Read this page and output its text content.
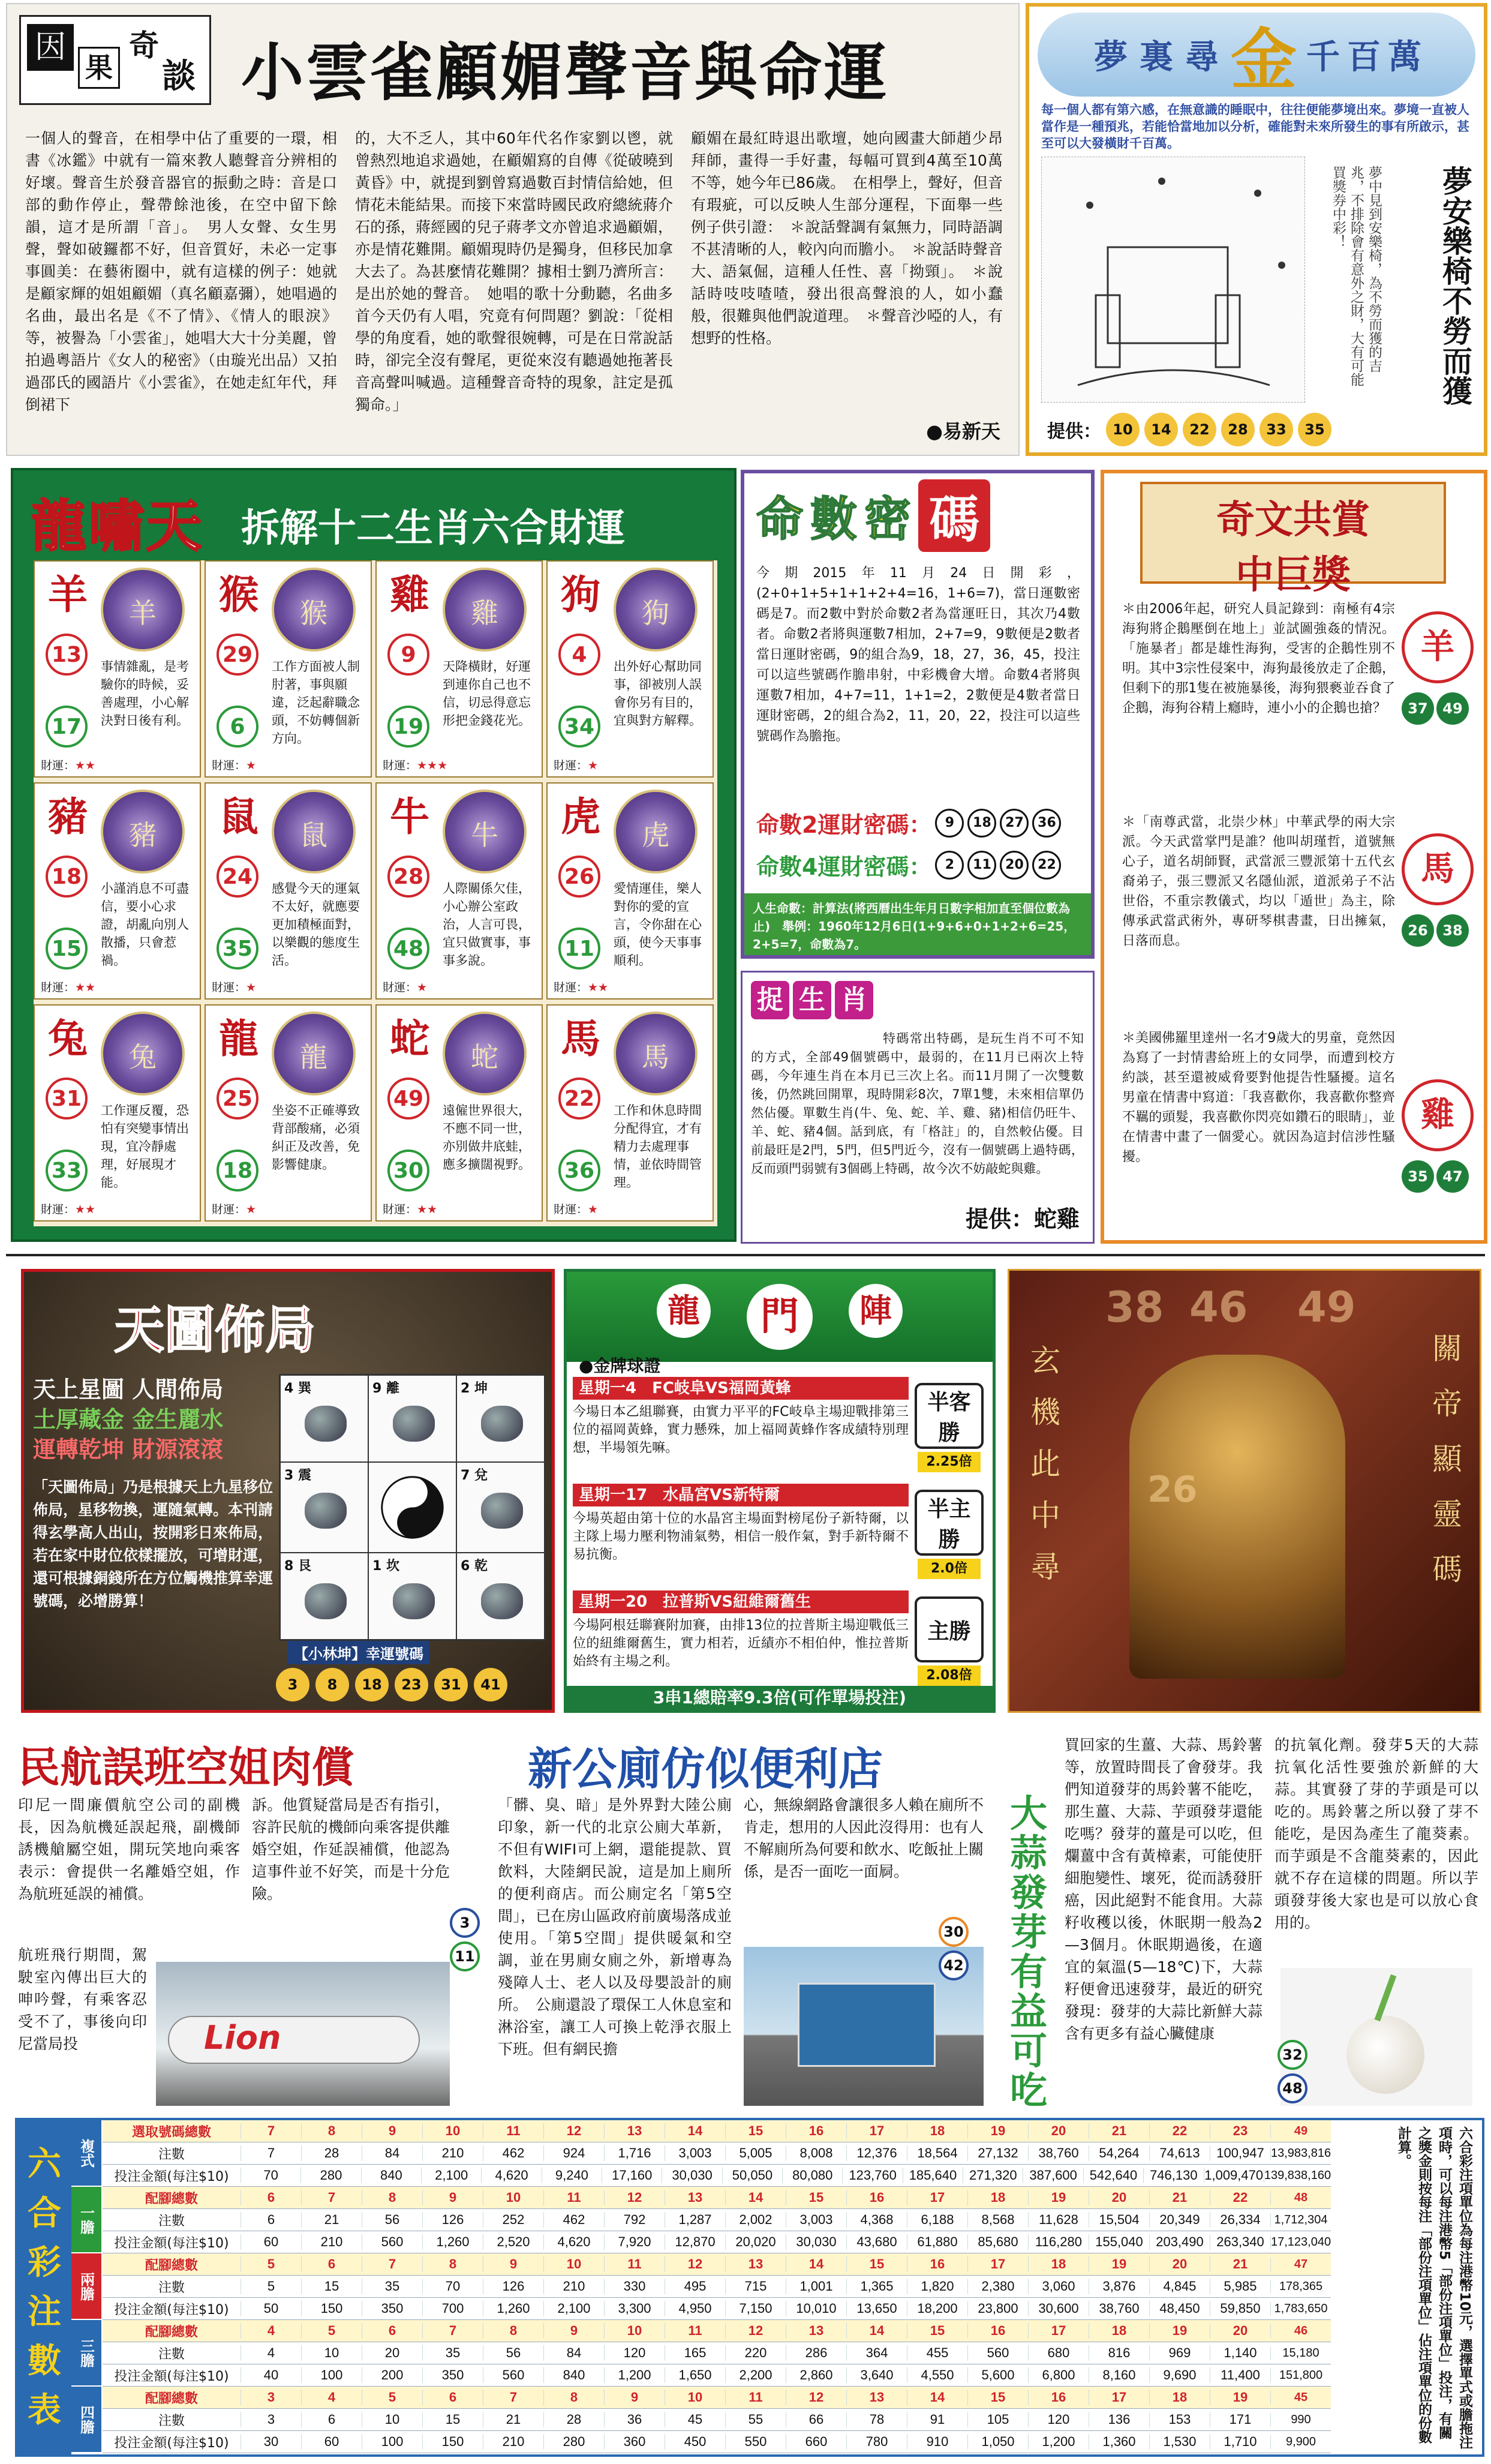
因
果
奇
談 小雲雀顧媚聲音與命運
一個人的聲音，在相學中佔了重要的一環，相書《冰鑑》中就有一篇來教人聽聲音分辨相的好壞。聲音生於發音器官的振動之時：音是口部的動作停止，聲帶餘池後，在空中留下餘韻，這才是所謂「音」。　男人女聲、女生男聲，聲如破鑼都不好，但音質好，未必一定事事圓美：在藝術圈中，就有這樣的例子：她就是顧家輝的姐姐顧媚（真名顧嘉彌），她唱過的名曲，最出名是《不了情》、《情人的眼淚》等，被譽為「小雲雀」，她唱大大十分美麗，曾拍過粵語片《女人的秘密》（由璇光出品）又拍過邵氏的國語片《小雲雀》，在她走紅年代，拜倒裙下
的，大不乏人，其中60年代名作家劉以鬯，就曾熱烈地追求過她，在顧媚寫的自傳《從破曉到黃昏》中，就提到劉曾寫過數百封情信給她，但情花未能結果。而接下來當時國民政府總統蔣介石的孫，蔣經國的兒子蔣孝文亦曾追求過顧媚，亦是情花難開。顧媚現時仍是獨身，但移民加拿大去了。為甚麼情花難開？據相士劉乃濟所言：是出於她的聲音。　她唱的歌十分動聽，名曲多首今天仍有人唱，究竟有何問題？劉說：「從相學的角度看，她的歌聲很婉轉，可是在日常說話時，卻完全沒有聲尾，更從來沒有聽過她拖著長音高聲叫喊過。這種聲音奇特的現象，註定是孤獨命。」
顧媚在最紅時退出歌壇，她向國畫大師趙少昂拜師，畫得一手好畫，每幅可買到4萬至10萬不等，她今年已86歲。　在相學上，聲好，但音有瑕疵，可以反映人生部分運程，下面舉一些例子供引證：　＊說話聲調有氣無力，同時語調不甚清晰的人，較內向而膽小。　＊說話時聲音大、語氣倔，這種人任性、喜「拗頸」。　＊說話時吱吱喳喳，發出很高聲浪的人，如小蠢般，很難與他們說道理。　＊聲音沙啞的人，有想野的性格。
●易新天
夢 裏 尋 金 千 百 萬
每一個人都有第六感，在無意識的睡眠中，往往便能夢境出來。夢境一直被人當作是一種預兆，若能恰當地加以分析，確能對未來所發生的事有所啟示，甚至可以大發橫財千百萬。
夢中見到安樂椅，為不勞而獲的吉兆，不排除會有意外之財，大有可能買獎券中彩！	夢安樂椅不勞而獲
提供： 10	14	22	28	33	35
龍嘯天 拆解十二生肖六合財運
羊	羊
13
17
事情雜亂，是考驗你的時候，妥善處理，小心解決對日後有利。
財運：★★
猴	猴
29
6
工作方面被人制肘著，事與願違，泛起辭職念頭，不妨轉個新方向。
財運：★
雞	雞
9
19
天降橫財，好運到連你自己也不信，切忌得意忘形把金錢花光。
財運：★★★
狗	狗
4
34
出外好心幫助同事，卻被別人誤會你另有目的，宜與對方解釋。
財運：★
豬	豬
18
15
小謹消息不可盡信，要小心求證，胡亂向別人散播，只會惹禍。
財運：★★
鼠	鼠
24
35
感覺今天的運氣不太好，就應要更加積極面對，以樂觀的態度生活。
財運：★
牛	牛
28
48
人際關係欠佳，小心辦公室政治，人言可畏，宜只做實事，事事多說。
財運：★
虎	虎
26
11
愛情運佳，樂人對你的愛的宣言，令你甜在心頭，使今天事事順利。
財運：★★
兔	兔
31
33
工作運反覆，恐怕有突變事情出現，宜冷靜處理，好展現才能。
財運：★★
龍	龍
25
18
坐姿不正確導致背部酸痛，必須糾正及改善，免影響健康。
財運：★
蛇	蛇
49
30
遠僱世界很大，不應不同一世，亦別做井底蛙，應多擴闊視野。
財運：★★
馬	馬
22
36
工作和休息時間分配得宜，才有精力去處理事情，並依時間管理。
財運：★
命 數 密 碼
今期2015年11月24日開彩，(2+0+1+5+1+1+2+4=16，1+6=7)，當日運數密碼是7。而2數中對於命數2者為當運旺日，其次乃4數者。命數2者將與運數7相加，2+7=9，9數便是2數者當日運財密碼，9的組合為9，18，27，36，45，投注可以這些號碼作膽串射，中彩機會大增。命數4者將與運數7相加，4+7=11，1+1=2，2數便是4數者當日運財密碼，2的組合為2，11，20，22，投注可以這些號碼作為膽拖。
命數2運財密碼：	9	18	27	36
命數4運財密碼：	2	11	20	22
人生命數：計算法(將西曆出生年月日數字相加直至個位數為止)　舉例：1960年12月6日(1+9+6+0+1+2+6=25，2+5=7，命數為7。
捉 生 肖
特碼常出特碼，是玩生肖不可不知的方式，全部49個號碼中，最弱的，在11月已兩次上特碼，今年連生肖在本月已三次上名。而11月開了一次雙數後，仍然跳回開單，現時開彩8次，7單1雙，未來相信單仍然佔優。單數生肖(牛、兔、蛇、羊、雞、豬)相信仍旺牛、羊、蛇、豬4個。話到底，有「格註」的，自然較佔優。目前最旺是2門，5門，但5門近今，沒有一個號碼上過特碼，反而頭門弱號有3個碼上特碼，故今次不妨敲蛇與雞。
提供：蛇雞
奇文共賞
中巨獎
＊由2006年起，研究人員記錄到：南極有4宗海狗將企鵝壓倒在地上」並試圖強姦的情況。「施暴者」都是雄性海狗，受害的企鵝性別不明。其中3宗性侵案中，海狗最後放走了企鵝，但剩下的那1隻在被施暴後，海狗猥褻並吞食了企鵝，海狗谷精上癮時，連小小的企鵝也搶？
羊
37	49
＊「南尊武當，北崇少林」中華武學的兩大宗派。今天武當掌門是誰？他叫胡瑾哲，道號無心子，道名胡師賢，武當派三豐派第十五代玄裔弟子，張三豐派又名隱仙派，道派弟子不沾世俗，不重宗教儀式，均以「遁世」為主，除傳承武當武術外，專研琴棋書畫，日出擁氣，日落而息。
馬
26	38
＊美國佛羅里達州一名才9歲大的男童，竟然因為寫了一封情書給班上的女同學，而遭到校方約談，甚至還被威脅要對他提告性騷擾。這名男童在情書中寫道：「我喜歡你，我喜歡你整齊不羈的頭髮，我喜歡你閃亮如鑽石的眼睛」，並在情書中畫了一個愛心。就因為這封信涉性騷擾。
雞
35	47
天圖佈局
天上星圖 人間佈局
土厚藏金 金生麗水
運轉乾坤 財源滾滾
「天圖佈局」乃是根據天上九星移位佈局，星移物換，運隨氣轉。本刊請得玄學高人出山，按開彩日來佈局，若在家中財位依樣擺放，可增財運，還可根據銅錢所在方位觸機推算幸運號碼，必增勝算！
4 巽	9 離	2 坤
3 震	7 兌
8 艮	1 坎	6 乾
【小林坤】幸運號碼
3	8	18	23	31	41
龍	門	陣
●金牌球證
星期一4　FC岐阜VS福岡黃蜂
今場日本乙組聯賽，由實力平平的FC岐阜主場迎戰排第三位的福岡黃蜂，實力懸殊，加上福岡黃蜂作客成績特別理想，半場領先嘛。
半客勝
2.25倍
星期一17　水晶宮VS新特爾
今場英超由第十位的水晶宮主場面對榜尾份子新特爾，以主隊上場力壓利物浦氣勢，相信一般作氣，對手新特爾不易抗衡。
半主勝
2.0倍
星期一20　拉普斯VS紐維爾舊生
今場阿根廷聯賽附加賽，由排13位的拉普斯主場迎戰低三位的紐維爾舊生，實力相若，近績亦不相伯仲，惟拉普斯始終有主場之利。
主勝
2.08倍
3串1總賠率9.3倍(可作單場投注)
玄
機
此
中
尋
38 46 49
26
關
帝
顯
靈
碼
民航誤班空姐肉償
印尼一間廉價航空公司的副機長，因為航機延誤起飛，副機師誘機艙屬空姐，開玩笑地向乘客表示：會提供一名離婚空姐，作為航班延誤的補償。
航班飛行期間，駕駛室內傳出巨大的呻吟聲，有乘客忍受不了，事後向印尼當局投
訴。他質疑當局是否有指引，容許民航的機師向乘客提供離婚空姐，作延誤補償，他認為這事件並不好笑，而是十分危險。
Lion
3
11
新公廁仿似便利店
「髒、臭、暗」是外界對大陸公廁印象，新一代的北京公廁大革新，不但有WIFI可上網，還能提款、買飲料，大陸網民說，這是加上廁所的便利商店。而公廁定名「第5空間」，已在房山區政府前廣場落成並使用。「第5空間」提供暖氣和空調，並在男廁女廁之外，新增專為殘障人士、老人以及母嬰設計的廁所。　公廁還設了環保工人休息室和淋浴室，讓工人可換上乾淨衣服上下班。但有網民擔
心，無線網路會讓很多人賴在廁所不肯走，想用的人因此沒得用：也有人不解廁所為何要和飲水、吃飯扯上關係，是否一面吃一面屙。
30
42
大
蒜
發
芽
有
益
可
吃
買回家的生薑、大蒜、馬鈴薯等，放置時間長了會發芽。我們知道發芽的馬鈴薯不能吃，那生薑、大蒜、芋頭發芽還能吃嗎？發芽的薑是可以吃，但爛薑中含有黃樟素，可能使肝細胞變性、壞死，從而誘發肝癌，因此絕對不能食用。大蒜籽收穫以後，休眠期一般為2—3個月。休眠期過後，在適宜的氣溫(5—18℃)下，大蒜籽便會迅速發芽，最近的研究發現：發芽的大蒜比新鮮大蒜含有更多有益心臟健康
的抗氧化劑。發芽5天的大蒜抗氧化活性要強於新鮮的大蒜。其實發了芽的芋頭是可以吃的。馬鈴薯之所以發了芽不能吃，是因為產生了龍葵素。而芋頭是不含龍葵素的，因此就不存在這樣的問題。所以芋頭發芽後大家也是可以放心食用的。
32
48
六
合
彩
注
數
表
複式
選取號碼總數	7	8	9	10	11	12	13	14	15	16	17	18	19	20	21	22	23	49
注數	7	28	84	210	462	924	1,716	3,003	5,005	8,008	12,376	18,564	27,132	38,760	54,264	74,613	100,947 13,983,816
投注金額(每注$10)	70	280	840	2,100	4,620	9,240	17,160	30,030	50,050	80,080	123,760 185,640 271,320 387,600 542,640 746,130 1,009,470 139,838,160
一膽
配腳總數	6	7	8	9	10	11	12	13	14	15	16	17	18	19	20	21	22	48
注數	6	21	56	126	252	462	792	1,287	2,002	3,003	4,368	6,188	8,568	11,628	15,504	20,349	26,334	1,712,304
投注金額(每注$10)	60	210	560	1,260	2,520	4,620	7,920	12,870	20,020	30,030	43,680	61,880	85,680	116,280	155,040 203,490 263,340 17,123,040
兩膽
配腳總數	5	6	7	8	9	10	11	12	13	14	15	16	17	18	19	20	21	47
注數	5	15	35	70	126	210	330	495	715	1,001	1,365	1,820	2,380	3,060	3,876	4,845	5,985	178,365
投注金額(每注$10)	50	150	350	700	1,260	2,100	3,300	4,950	7,150	10,010	13,650	18,200	23,800	30,600	38,760	48,450	59,850	1,783,650
三膽
配腳總數	4	5	6	7	8	9	10	11	12	13	14	15	16	17	18	19	20	46
注數	4	10	20	35	56	84	120	165	220	286	364	455	560	680	816	969	1,140	15,180
投注金額(每注$10)	40	100	200	350	560	840	1,200	1,650	2,200	2,860	3,640	4,550	5,600	6,800	8,160	9,690	11,400	151,800
四膽
配腳總數	3	4	5	6	7	8	9	10	11	12	13	14	15	16	17	18	19	45
注數	3	6	10	15	21	28	36	45	55	66	78	91	105	120	136	153	171	990
投注金額(每注$10)	30	60	100	150	210	280	360	450	550	660	780	910	1,050	1,200	1,360	1,530	1,710	9,900	六合彩注項單位為每注港幣10元，選擇單式或膽拖注項時，可以每注港幣5「部份注項單位」投注，有關之獎金則按每注「部份注項單位」佔注項單位的份數計算。
